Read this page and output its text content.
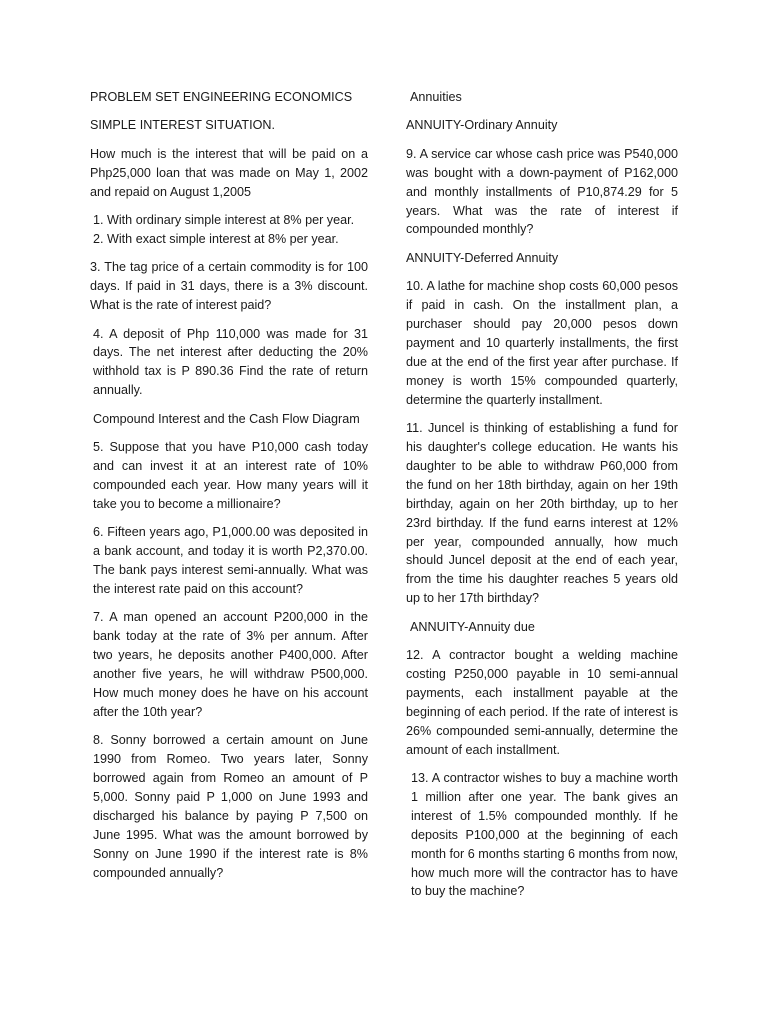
PROBLEM SET ENGINEERING ECONOMICS

SIMPLE INTEREST SITUATION.

How much is the interest that will be paid on a Php25,000 loan that was made on May 1, 2002 and repaid on August 1,2005

1. With ordinary simple interest at 8% per year.
2. With exact simple interest at 8% per year.

3. The tag price of a certain commodity is for 100 days. If paid in 31 days, there is a 3% discount. What is the rate of interest paid?

4. A deposit of Php 110,000 was made for 31 days. The net interest after deducting the 20% withhold tax is P 890.36 Find the rate of return annually.

Compound Interest and the Cash Flow Diagram

5. Suppose that you have P10,000 cash today and can invest it at an interest rate of 10% compounded each year. How many years will it take you to become a millionaire?

6. Fifteen years ago, P1,000.00 was deposited in a bank account, and today it is worth P2,370.00. The bank pays interest semi-annually. What was the interest rate paid on this account?

7. A man opened an account P200,000 in the bank today at the rate of 3% per annum. After two years, he deposits another P400,000. After another five years, he will withdraw P500,000. How much money does he have on his account after the 10th year?

8. Sonny borrowed a certain amount on June 1990 from Romeo. Two years later, Sonny borrowed again from Romeo an amount of P 5,000. Sonny paid P 1,000 on June 1993 and discharged his balance by paying P 7,500 on June 1995. What was the amount borrowed by Sonny on June 1990 if the interest rate is 8% compounded annually?

Annuities

ANNUITY-Ordinary Annuity

9. A service car whose cash price was P540,000 was bought with a down-payment of P162,000 and monthly installments of P10,874.29 for 5 years. What was the rate of interest if compounded monthly?

ANNUITY-Deferred Annuity

10. A lathe for machine shop costs 60,000 pesos if paid in cash. On the installment plan, a purchaser should pay 20,000 pesos down payment and 10 quarterly installments, the first due at the end of the first year after purchase. If money is worth 15% compounded quarterly, determine the quarterly installment.

11. Juncel is thinking of establishing a fund for his daughter's college education. He wants his daughter to be able to withdraw P60,000 from the fund on her 18th birthday, again on her 19th birthday, again on her 20th birthday, up to her 23rd birthday. If the fund earns interest at 12% per year, compounded annually, how much should Juncel deposit at the end of each year, from the time his daughter reaches 5 years old up to her 17th birthday?

ANNUITY-Annuity due

12. A contractor bought a welding machine costing P250,000 payable in 10 semi-annual payments, each installment payable at the beginning of each period. If the rate of interest is 26% compounded semi-annually, determine the amount of each installment.

13. A contractor wishes to buy a machine worth 1 million after one year. The bank gives an interest of 1.5% compounded monthly. If he deposits P100,000 at the beginning of each month for 6 months starting 6 months from now, how much more will the contractor has to have to buy the machine?
